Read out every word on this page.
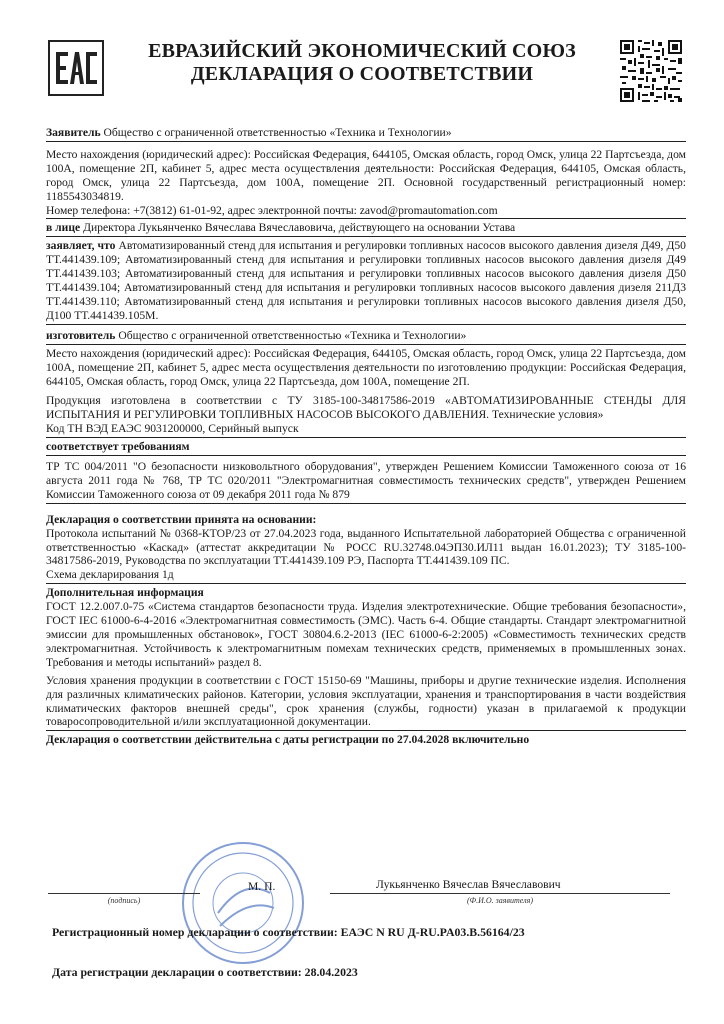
ЕВРАЗИЙСКИЙ ЭКОНОМИЧЕСКИЙ СОЮЗ
ДЕКЛАРАЦИЯ О СООТВЕТСТВИИ

Заявитель Общество с ограниченной ответственностью «Техника и Технологии»

Место нахождения (юридический адрес): Российская Федерация, 644105, Омская область, город Омск, улица 22 Партсъезда, дом 100А, помещение 2П, кабинет 5, адрес места осуществления деятельности: Российская Федерация, 644105, Омская область, город Омск, улица 22 Партсъезда, дом 100А, помещение 2П. Основной государственный регистрационный номер: 1185543034819.

Номер телефона: +7(3812) 61-01-92, адрес электронной почты: zavod@promautomation.com

в лице Директора Лукьянченко Вячеслава Вячеславовича, действующего на основании Устава

заявляет, что Автоматизированный стенд для испытания и регулировки топливных насосов высокого давления дизеля Д49, Д50 ТТ.441439.109; Автоматизированный стенд для испытания и регулировки топливных насосов высокого давления дизеля Д49 ТТ.441439.103; Автоматизированный стенд для испытания и регулировки топливных насосов высокого давления дизеля Д50 ТТ.441439.104; Автоматизированный стенд для испытания и регулировки топливных насосов высокого давления дизеля 211Д3 ТТ.441439.110; Автоматизированный стенд для испытания и регулировки топливных насосов высокого давления дизеля Д50, Д100 ТТ.441439.105М.

изготовитель Общество с ограниченной ответственностью «Техника и Технологии»

Место нахождения (юридический адрес): Российская Федерация, 644105, Омская область, город Омск, улица 22 Партсъезда, дом 100А, помещение 2П, кабинет 5, адрес места осуществления деятельности по изготовлению продукции: Российская Федерация, 644105, Омская область, город Омск, улица 22 Партсъезда, дом 100А, помещение 2П.

Продукция изготовлена в соответствии с ТУ 3185-100-34817586-2019 «АВТОМАТИЗИРОВАННЫЕ СТЕНДЫ ДЛЯ ИСПЫТАНИЯ И РЕГУЛИРОВКИ ТОПЛИВНЫХ НАСОСОВ ВЫСОКОГО ДАВЛЕНИЯ. Технические условия»

Код ТН ВЭД ЕАЭС 9031200000, Серийный выпуск

соответствует требованиям

ТР ТС 004/2011 "О безопасности низковольтного оборудования", утвержден Решением Комиссии Таможенного союза от 16 августа 2011 года № 768, ТР ТС 020/2011 "Электромагнитная совместимость технических средств", утвержден Решением Комиссии Таможенного союза от 09 декабря 2011 года № 879

Декларация о соответствии принята на основании:

Протокола испытаний № 0368-КТОР/23 от 27.04.2023 года, выданного Испытательной лабораторией Общества с ограниченной ответственностью «Каскад» (аттестат аккредитации № РОСС RU.32748.04ЭП30.ИЛ11 выдан 16.01.2023); ТУ 3185-100-34817586-2019, Руководства по эксплуатации ТТ.441439.109 РЭ, Паспорта ТТ.441439.109 ПС.

Схема декларирования 1д

Дополнительная информация

ГОСТ 12.2.007.0-75 «Система стандартов безопасности труда. Изделия электротехнические. Общие требования безопасности», ГОСТ IEC 61000-6-4-2016 «Электромагнитная совместимость (ЭМС). Часть 6-4. Общие стандарты. Стандарт электромагнитной эмиссии для промышленных обстановок», ГОСТ 30804.6.2-2013 (IEC 61000-6-2:2005) «Совместимость технических средств электромагнитная. Устойчивость к электромагнитным помехам технических средств, применяемых в промышленных зонах. Требования и методы испытаний» раздел 8.

Условия хранения продукции в соответствии с ГОСТ 15150-69 "Машины, приборы и другие технические изделия. Исполнения для различных климатических районов. Категории, условия эксплуатации, хранения и транспортирования в части воздействия климатических факторов внешней среды", срок хранения (службы, годности) указан в прилагаемой к продукции товаросопроводительной и/или эксплуатационной документации.

Декларация о соответствии действительна с даты регистрации по 27.04.2028 включительно

(подпись)
М. П.	Лукьянченко Вячеслав Вячеславович
(Ф.И.О. заявителя)
Регистрационный номер декларации о соответствии: ЕАЭС N RU Д-RU.PA03.B.56164/23
Дата регистрации декларации о соответствии: 28.04.2023
